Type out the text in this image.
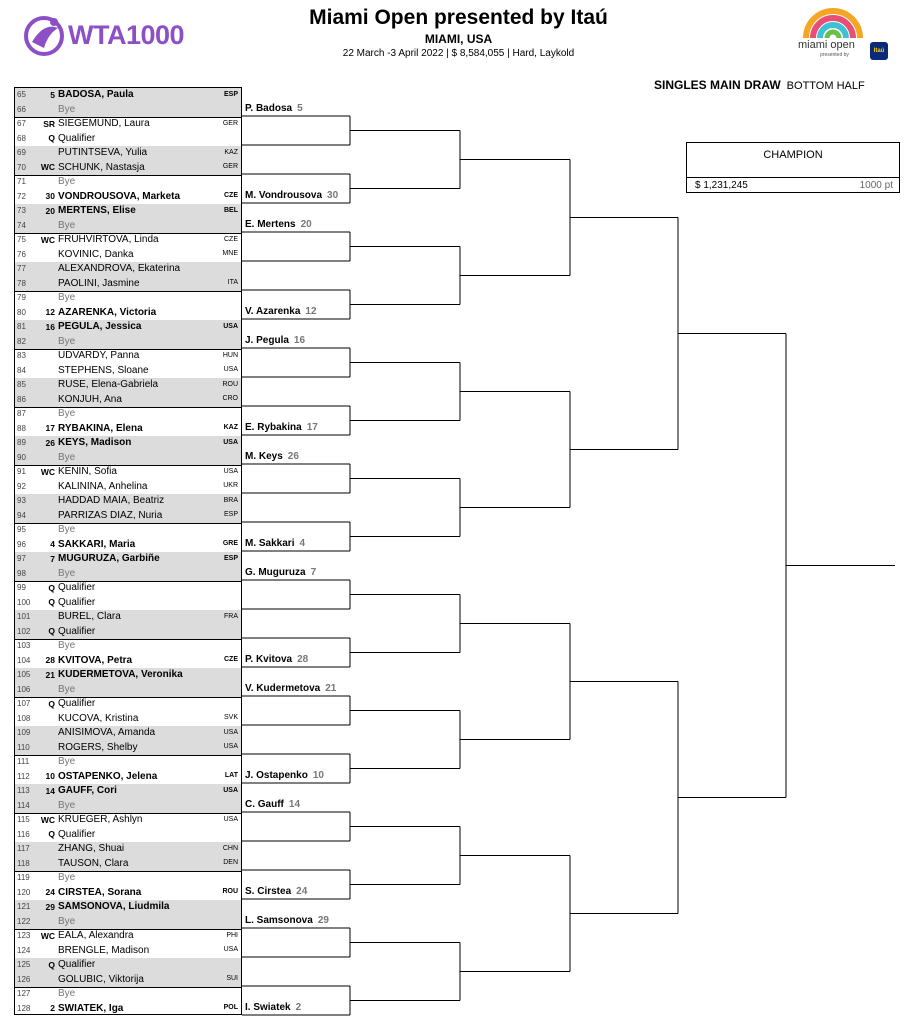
WTA1000
Miami Open presented by Itaú
MIAMI, USA
22 March -3 April 2022 | $ 8,584,055 | Hard, Laykold
miami open
presented by
Itaú
SINGLES MAIN DRAW BOTTOM HALF
CHAMPION
$ 1,231,245	1000 pt
65	5 BADOSA, Paula	ESP
66	Bye
67	SR SIEGEMUND, Laura	GER
68	Q Qualifier
69	PUTINTSEVA, Yulia	KAZ
70	WC SCHUNK, Nastasja	GER
71	Bye
72	30 VONDROUSOVA, Marketa	CZE
73	20 MERTENS, Elise	BEL
74	Bye
75	WC FRUHVIRTOVA, Linda	CZE
76	KOVINIC, Danka	MNE
77	ALEXANDROVA, Ekaterina
78	PAOLINI, Jasmine	ITA
79	Bye
80	12 AZARENKA, Victoria
81	16 PEGULA, Jessica	USA
82	Bye
83	UDVARDY, Panna	HUN
84	STEPHENS, Sloane	USA
85	RUSE, Elena-Gabriela	ROU
86	KONJUH, Ana	CRO
87	Bye
88	17 RYBAKINA, Elena	KAZ
89	26 KEYS, Madison	USA
90	Bye
91	WC KENIN, Sofia	USA
92	KALININA, Anhelina	UKR
93	HADDAD MAIA, Beatriz	BRA
94	PARRIZAS DIAZ, Nuria	ESP
95	Bye
96	4 SAKKARI, Maria	GRE
97	7 MUGURUZA, Garbiñe	ESP
98	Bye
99	Q Qualifier
100	Q Qualifier
101	BUREL, Clara	FRA
102	Q Qualifier
103	Bye
104	28 KVITOVA, Petra	CZE
105	21 KUDERMETOVA, Veronika
106	Bye
107	Q Qualifier
108	KUCOVA, Kristina	SVK
109	ANISIMOVA, Amanda	USA
110	ROGERS, Shelby	USA
111	Bye
112	10 OSTAPENKO, Jelena	LAT
113	14 GAUFF, Cori	USA
114	Bye
115	WC KRUEGER, Ashlyn	USA
116	Q Qualifier
117	ZHANG, Shuai	CHN
118	TAUSON, Clara	DEN
119	Bye
120	24 CIRSTEA, Sorana	ROU
121	29 SAMSONOVA, Liudmila
122	Bye
123	WC EALA, Alexandra	PHI
124	BRENGLE, Madison	USA
125	Q Qualifier
126	GOLUBIC, Viktorija	SUI
127	Bye
128	2 SWIATEK, Iga	POL
P. Badosa 5
M. Vondrousova 30
E. Mertens 20
V. Azarenka 12
J. Pegula 16
E. Rybakina 17
M. Keys 26
M. Sakkari 4
G. Muguruza 7
P. Kvitova 28
V. Kudermetova 21
J. Ostapenko 10
C. Gauff 14
S. Cirstea 24
L. Samsonova 29
I. Swiatek 2
